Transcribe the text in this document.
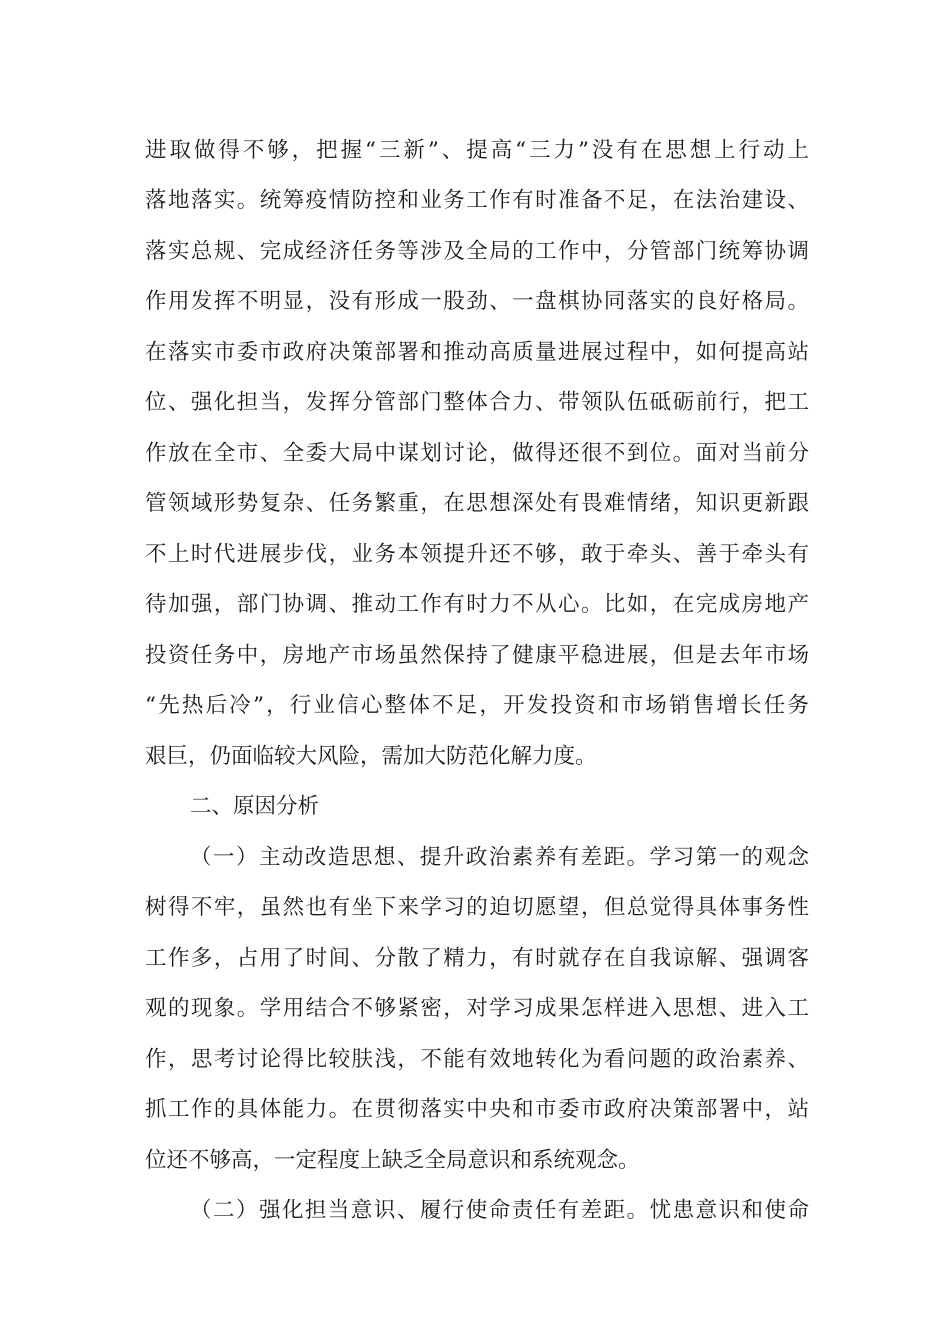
进取做得不够，把握“三新”、提高“三力”没有在思想上行动上
落地落实。统筹疫情防控和业务工作有时准备不足，在法治建设、
落实总规、完成经济任务等涉及全局的工作中，分管部门统筹协调
作用发挥不明显，没有形成一股劲、一盘棋协同落实的良好格局。
在落实市委市政府决策部署和推动高质量进展过程中，如何提高站
位、强化担当，发挥分管部门整体合力、带领队伍砥砺前行，把工
作放在全市、全委大局中谋划讨论，做得还很不到位。面对当前分
管领域形势复杂、任务繁重，在思想深处有畏难情绪，知识更新跟
不上时代进展步伐，业务本领提升还不够，敢于牵头、善于牵头有
待加强，部门协调、推动工作有时力不从心。比如，在完成房地产
投资任务中，房地产市场虽然保持了健康平稳进展，但是去年市场
“先热后冷”，行业信心整体不足，开发投资和市场销售增长任务
艰巨，仍面临较大风险，需加大防范化解力度。
二、原因分析
（一）主动改造思想、提升政治素养有差距。学习第一的观念
树得不牢，虽然也有坐下来学习的迫切愿望，但总觉得具体事务性
工作多，占用了时间、分散了精力，有时就存在自我谅解、强调客
观的现象。学用结合不够紧密，对学习成果怎样进入思想、进入工
作，思考讨论得比较肤浅，不能有效地转化为看问题的政治素养、
抓工作的具体能力。在贯彻落实中央和市委市政府决策部署中，站
位还不够高，一定程度上缺乏全局意识和系统观念。
（二）强化担当意识、履行使命责任有差距。忧患意识和使命
